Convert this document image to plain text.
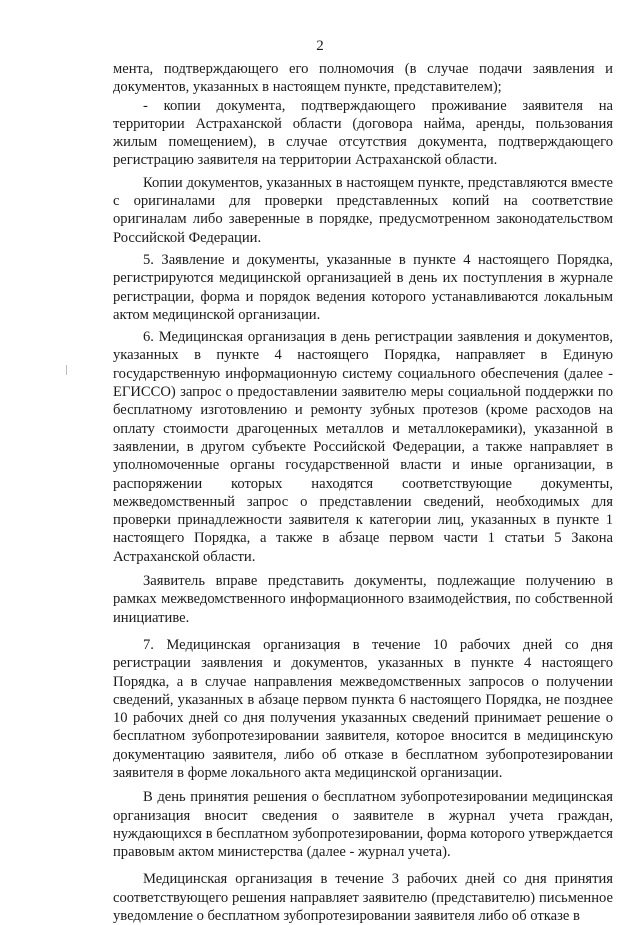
2

мента, подтверждающего его полномочия (в случае подачи заявления и документов, указанных в настоящем пункте, представителем);

- копии документа, подтверждающего проживание заявителя на территории Астраханской области (договора найма, аренды, пользования жилым помещением), в случае отсутствия документа, подтверждающего регистрацию заявителя на территории Астраханской области.

Копии документов, указанных в настоящем пункте, представляются вместе с оригиналами для проверки представленных копий на соответствие оригиналам либо заверенные в порядке, предусмотренном законодательством Российской Федерации.

5. Заявление и документы, указанные в пункте 4 настоящего Порядка, регистрируются медицинской организацией в день их поступления в журнале регистрации, форма и порядок ведения которого устанавливаются локальным актом медицинской организации.

6. Медицинская организация в день регистрации заявления и документов, указанных в пункте 4 настоящего Порядка, направляет в Единую государственную информационную систему социального обеспечения (далее - ЕГИССО) запрос о предоставлении заявителю меры социальной поддержки по бесплатному изготовлению и ремонту зубных протезов (кроме расходов на оплату стоимости драгоценных металлов и металлокерамики), указанной в заявлении, в другом субъекте Российской Федерации, а также направляет в уполномоченные органы государственной власти и иные организации, в распоряжении которых находятся соответствующие документы, межведомственный запрос о представлении сведений, необходимых для проверки принадлежности заявителя к категории лиц, указанных в пункте 1 настоящего Порядка, а также в абзаце первом части 1 статьи 5 Закона Астраханской области.

Заявитель вправе представить документы, подлежащие получению в рамках межведомственного информационного взаимодействия, по собственной инициативе.

7. Медицинская организация в течение 10 рабочих дней со дня регистрации заявления и документов, указанных в пункте 4 настоящего Порядка, а в случае направления межведомственных запросов о получении сведений, указанных в абзаце первом пункта 6 настоящего Порядка, не позднее 10 рабочих дней со дня получения указанных сведений принимает решение о бесплатном зубопротезировании заявителя, которое вносится в медицинскую документацию заявителя, либо об отказе в бесплатном зубопротезировании заявителя в форме локального акта медицинской организации.

В день принятия решения о бесплатном зубопротезировании медицинская организация вносит сведения о заявителе в журнал учета граждан, нуждающихся в бесплатном зубопротезировании, форма которого утверждается правовым актом министерства (далее - журнал учета).

Медицинская организация в течение 3 рабочих дней со дня принятия соответствующего решения направляет заявителю (представителю) письменное уведомление о бесплатном зубопротезировании заявителя либо об отказе в
